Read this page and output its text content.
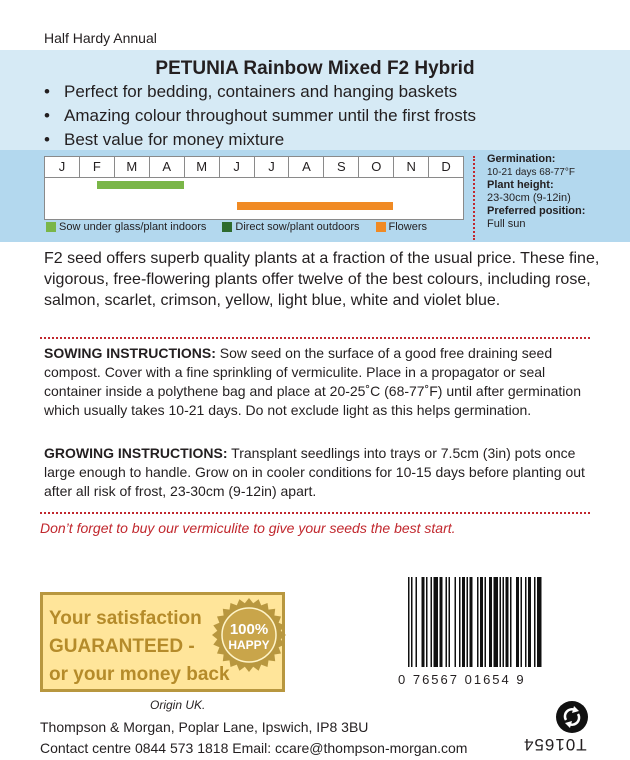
Half Hardy Annual
PETUNIA Rainbow Mixed F2 Hybrid
• Perfect for bedding, containers and hanging baskets
• Amazing colour throughout summer until the first frosts
• Best value for money mixture
J	F	M	A	M	J	J	A	S	O	N	D
Sow under glass/plant indoors	Direct sow/plant outdoors	Flowers
Germination:
10-21 days 68-77°F
Plant height:
23-30cm (9-12in)
Preferred position:
Full sun
F2 seed offers superb quality plants at a fraction of the usual price. These fine, vigorous, free-flowering plants offer twelve of the best colours, including rose, salmon, scarlet, crimson, yellow, light blue, white and violet blue.
SOWING INSTRUCTIONS: Sow seed on the surface of a good free draining seed compost. Cover with a fine sprinkling of vermiculite. Place in a propagator or seal container inside a polythene bag and place at 20-25˚C (68-77˚F) until after germination which usually takes 10-21 days. Do not exclude light as this helps germination.
GROWING INSTRUCTIONS: Transplant seedlings into trays or 7.5cm (3in) pots once large enough to handle. Grow on in cooler conditions for 10-15 days before planting out after all risk of frost, 23-30cm (9-12in) apart.
Don’t forget to buy our vermiculite to give your seeds the best start.
Your satisfaction
GUARANTEED -
or your money back
100%
HAPPY
0 76567 01654 9
Origin UK.
Thompson & Morgan, Poplar Lane, Ipswich, IP8 3BU
Contact centre 0844 573 1818 Email: ccare@thompson-morgan.com	T01654
